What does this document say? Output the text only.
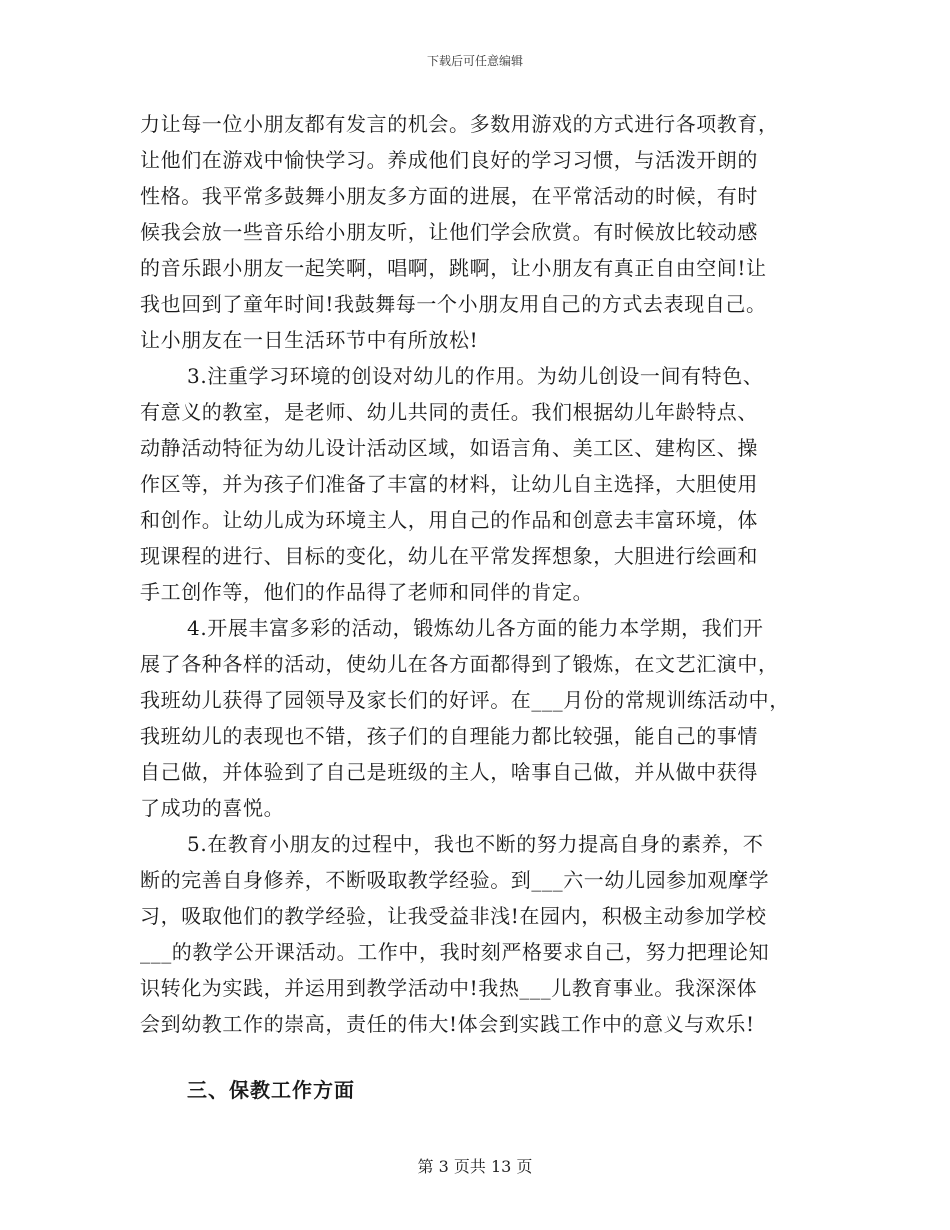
下载后可任意编辑
力让每一位小朋友都有发言的机会。多数用游戏的方式进行各项教育，
让他们在游戏中愉快学习。养成他们良好的学习习惯，与活泼开朗的
性格。我平常多鼓舞小朋友多方面的进展，在平常活动的时候，有时
候我会放一些音乐给小朋友听，让他们学会欣赏。有时候放比较动感
的音乐跟小朋友一起笑啊，唱啊，跳啊，让小朋友有真正自由空间!让
我也回到了童年时间!我鼓舞每一个小朋友用自己的方式去表现自己。
让小朋友在一日生活环节中有所放松!
3.注重学习环境的创设对幼儿的作用。为幼儿创设一间有特色、
有意义的教室，是老师、幼儿共同的责任。我们根据幼儿年龄特点、
动静活动特征为幼儿设计活动区域，如语言角、美工区、建构区、操
作区等，并为孩子们准备了丰富的材料，让幼儿自主选择，大胆使用
和创作。让幼儿成为环境主人，用自己的作品和创意去丰富环境，体
现课程的进行、目标的变化，幼儿在平常发挥想象，大胆进行绘画和
手工创作等，他们的作品得了老师和同伴的肯定。
4.开展丰富多彩的活动，锻炼幼儿各方面的能力本学期，我们开
展了各种各样的活动，使幼儿在各方面都得到了锻炼，在文艺汇演中，
我班幼儿获得了园领导及家长们的好评。在___月份的常规训练活动中，
我班幼儿的表现也不错，孩子们的自理能力都比较强，能自己的事情
自己做，并体验到了自己是班级的主人，啥事自己做，并从做中获得
了成功的喜悦。
5.在教育小朋友的过程中，我也不断的努力提高自身的素养，不
断的完善自身修养，不断吸取教学经验。到___六一幼儿园参加观摩学
习，吸取他们的教学经验，让我受益非浅!在园内，积极主动参加学校
___的教学公开课活动。工作中，我时刻严格要求自己，努力把理论知
识转化为实践，并运用到教学活动中!我热___儿教育事业。我深深体
会到幼教工作的崇高，责任的伟大!体会到实践工作中的意义与欢乐!
三、保教工作方面
第 3 页共 13 页
